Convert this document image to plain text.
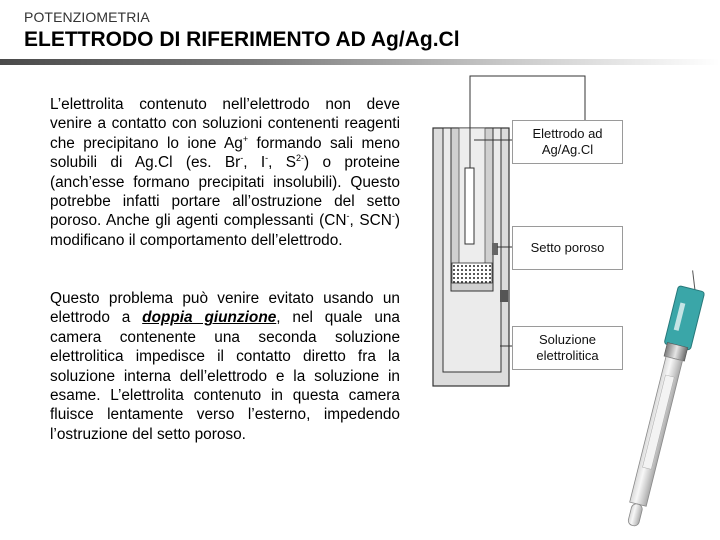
POTENZIOMETRIA
ELETTRODO DI RIFERIMENTO AD Ag/Ag.Cl

L’elettrolita contenuto nell’elettrodo non deve venire a contatto con soluzioni contenenti reagenti che precipitano lo ione Ag+ formando sali meno solubili di Ag.Cl (es. Br-, I-, $S^{2-}$) o proteine (anch’esse formano precipitati insolubili). Questo potrebbe infatti portare all’ostruzione del setto poroso. Anche gli agenti complessanti (CN-, SCN-) modificano il comportamento dell’elettrodo.

Questo problema può venire evitato usando un elettrodo a doppia giunzione, nel quale una camera contenente una seconda soluzione elettrolitica impedisce il contatto diretto fra la soluzione interna dell’elettrodo e la soluzione in esame. L’elettrolita contenuto in questa camera fluisce lentamente verso l’esterno, impedendo l’ostruzione del setto poroso.

Elettrodo ad Ag/Ag.Cl
Setto poroso
Soluzione elettrolitica
